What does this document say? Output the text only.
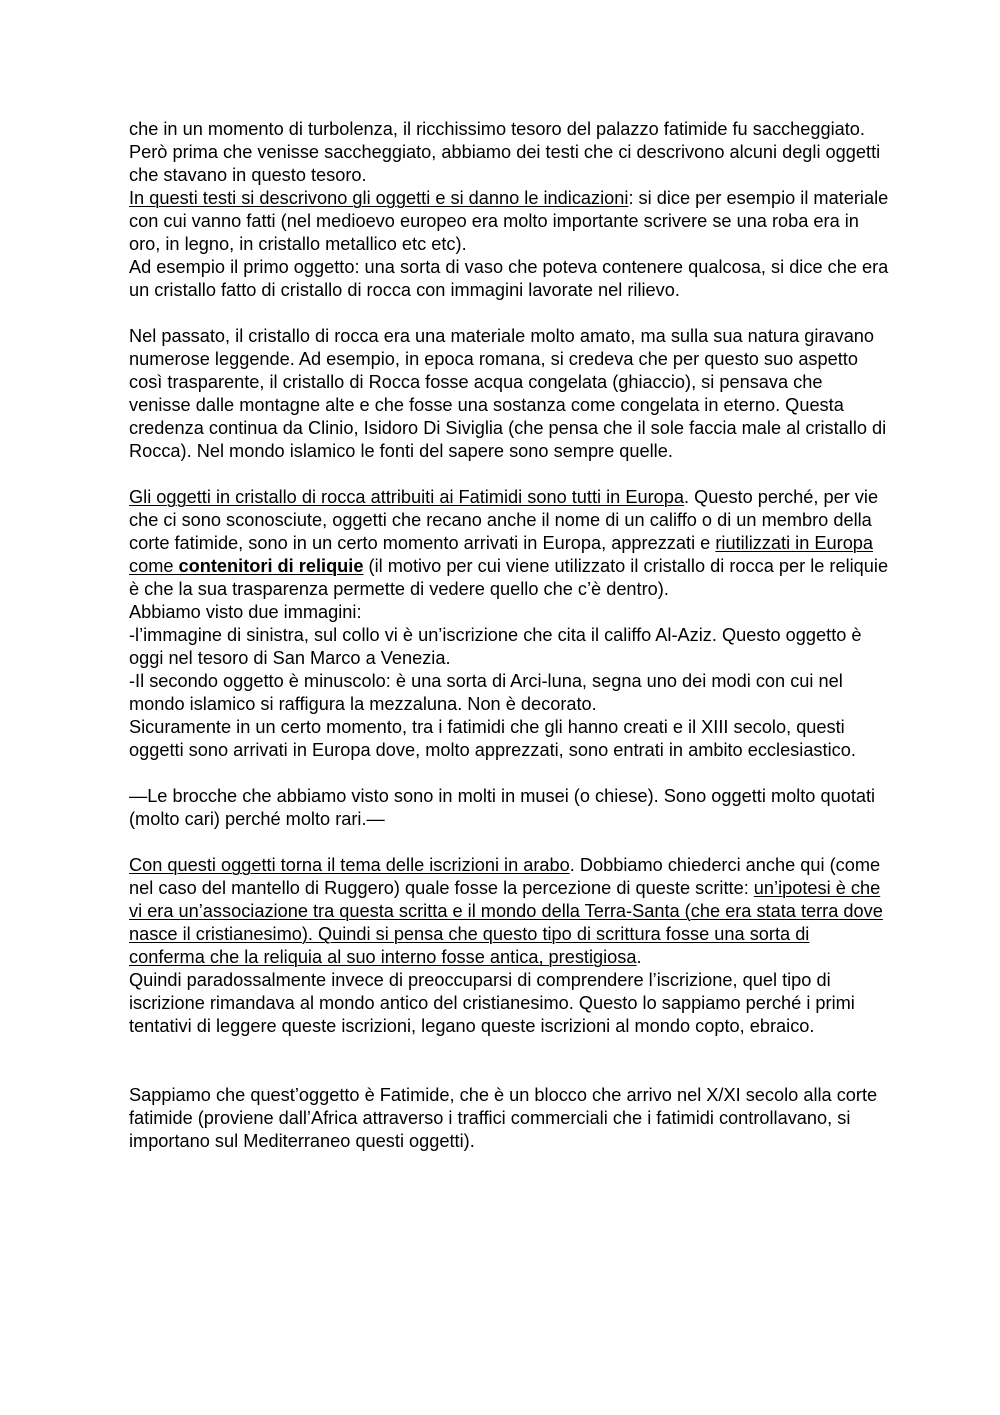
che in un momento di turbolenza, il ricchissimo tesoro del palazzo fatimide fu saccheggiato. Però prima che venisse saccheggiato, abbiamo dei testi che ci descrivono alcuni degli oggetti che stavano in questo tesoro.

In questi testi si descrivono gli oggetti e si danno le indicazioni: si dice per esempio il materiale con cui vanno fatti (nel medioevo europeo era molto importante scrivere se una roba era in oro, in legno, in cristallo metallico etc etc).

Ad esempio il primo oggetto: una sorta di vaso che poteva contenere qualcosa, si dice che era un cristallo fatto di cristallo di rocca con immagini lavorate nel rilievo.

Nel passato, il cristallo di rocca era una materiale molto amato, ma sulla sua natura giravano numerose leggende. Ad esempio, in epoca romana, si credeva che per questo suo aspetto così trasparente, il cristallo di Rocca fosse acqua congelata (ghiaccio), si pensava che venisse dalle montagne alte e che fosse una sostanza come congelata in eterno. Questa credenza continua da Clinio, Isidoro Di Siviglia (che pensa che il sole faccia male al cristallo di Rocca). Nel mondo islamico le fonti del sapere sono sempre quelle.

Gli oggetti in cristallo di rocca attribuiti ai Fatimidi sono tutti in Europa. Questo perché, per vie che ci sono sconosciute, oggetti che recano anche il nome di un califfo o di un membro della corte fatimide, sono in un certo momento arrivati in Europa, apprezzati e riutilizzati in Europa come contenitori di reliquie (il motivo per cui viene utilizzato il cristallo di rocca per le reliquie è che la sua trasparenza permette di vedere quello che c’è dentro).

Abbiamo visto due immagini:

-l’immagine di sinistra, sul collo vi è un’iscrizione che cita il califfo Al-Aziz. Questo oggetto è oggi nel tesoro di San Marco a Venezia.

-Il secondo oggetto è minuscolo: è una sorta di Arci-luna, segna uno dei modi con cui nel mondo islamico si raffigura la mezzaluna. Non è decorato.

Sicuramente in un certo momento, tra i fatimidi che gli hanno creati e il XIII secolo, questi oggetti sono arrivati in Europa dove, molto apprezzati, sono entrati in ambito ecclesiastico.

—Le brocche che abbiamo visto sono in molti in musei (o chiese). Sono oggetti molto quotati (molto cari) perché molto rari.—

Con questi oggetti torna il tema delle iscrizioni in arabo. Dobbiamo chiederci anche qui (come nel caso del mantello di Ruggero) quale fosse la percezione di queste scritte: un’ipotesi è che vi era un’associazione tra questa scritta e il mondo della Terra-Santa (che era stata terra dove nasce il cristianesimo). Quindi si pensa che questo tipo di scrittura fosse una sorta di conferma che la reliquia al suo interno fosse antica, prestigiosa.

Quindi paradossalmente invece di preoccuparsi di comprendere l’iscrizione, quel tipo di iscrizione rimandava al mondo antico del cristianesimo. Questo lo sappiamo perché i primi tentativi di leggere queste iscrizioni, legano queste iscrizioni al mondo copto, ebraico.

Sappiamo che quest’oggetto è Fatimide, che è un blocco che arrivo nel X/XI secolo alla corte fatimide (proviene dall’Africa attraverso i traffici commerciali che i fatimidi controllavano, si importano sul Mediterraneo questi oggetti).
